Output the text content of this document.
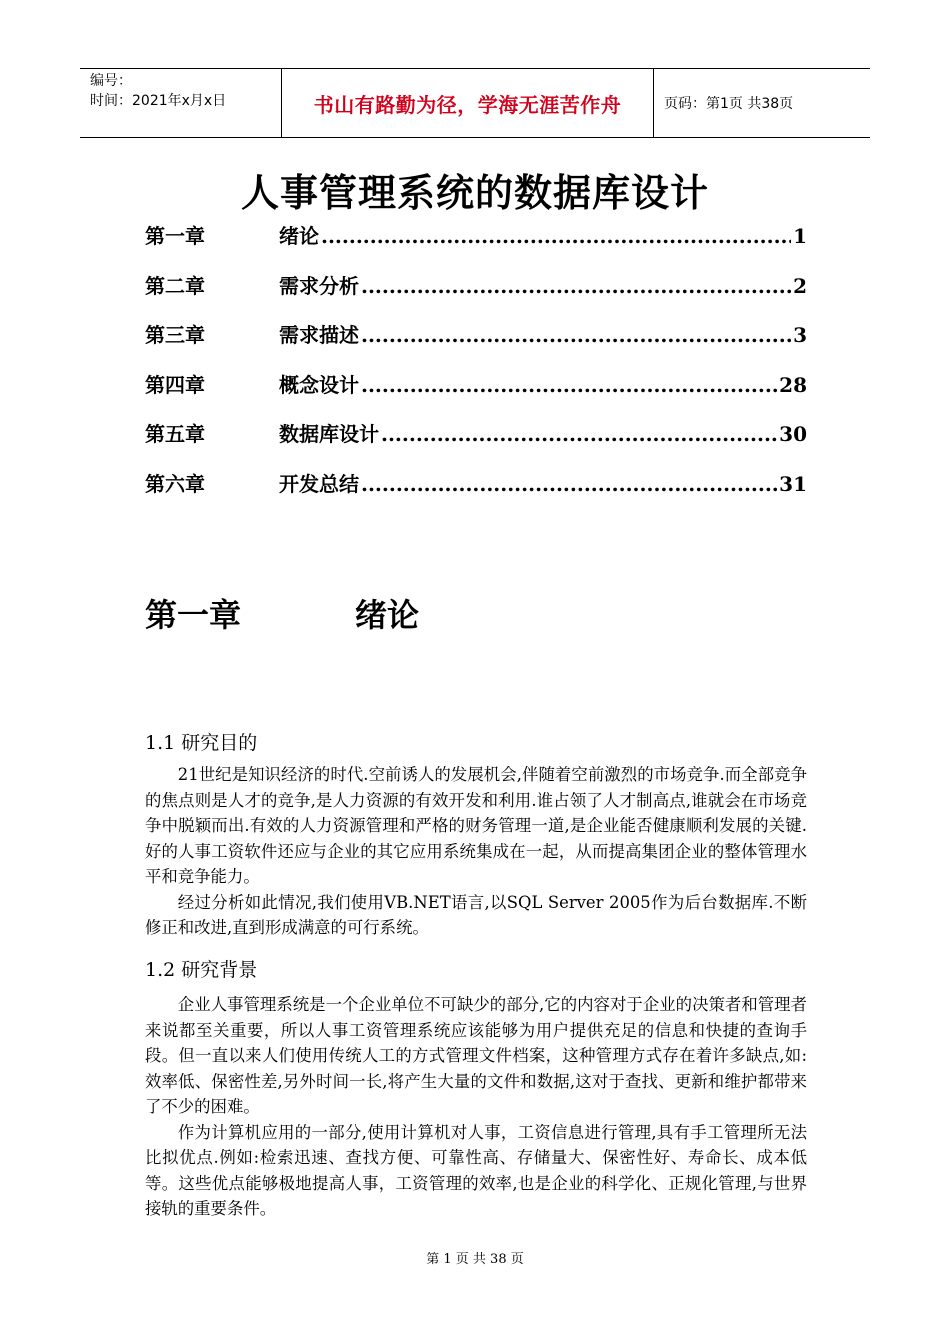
编号：
时间：2021年x月x日	书山有路勤为径，学海无涯苦作舟	页码：第1页 共38页
人事管理系统的数据库设计
第一章	绪论 .....	1
第二章	需求分析 .....	2
第三章	需求描述 .....	3
第四章	概念设计 .....	28
第五章	数据库设计 .....	30
第六章	开发总结 .....	31
第一章	绪论

1.1 研究目的

21世纪是知识经济的时代.空前诱人的发展机会,伴随着空前激烈的市场竞争.而全部竞争的焦点则是人才的竞争,是人力资源的有效开发和利用.谁占领了人才制高点,谁就会在市场竞争中脱颖而出.有效的人力资源管理和严格的财务管理一道,是企业能否健康顺利发展的关键. 好的人事工资软件还应与企业的其它应用系统集成在一起，从而提高集团企业的整体管理水平和竞争能力。

经过分析如此情况,我们使用VB.NET语言,以SQL Server 2005作为后台数据库.不断修正和改进,直到形成满意的可行系统。

1.2 研究背景

企业人事管理系统是一个企业单位不可缺少的部分,它的内容对于企业的决策者和管理者来说都至关重要，所以人事工资管理系统应该能够为用户提供充足的信息和快捷的查询手段。但一直以来人们使用传统人工的方式管理文件档案，这种管理方式存在着许多缺点,如:效率低、保密性差,另外时间一长,将产生大量的文件和数据,这对于查找、更新和维护都带来了不少的困难。

作为计算机应用的一部分,使用计算机对人事，工资信息进行管理,具有手工管理所无法比拟优点.例如:检索迅速、查找方便、可靠性高、存储量大、保密性好、寿命长、成本低等。这些优点能够极地提高人事，工资管理的效率,也是企业的科学化、正规化管理,与世界接轨的重要条件。

第 1 页 共 38 页
